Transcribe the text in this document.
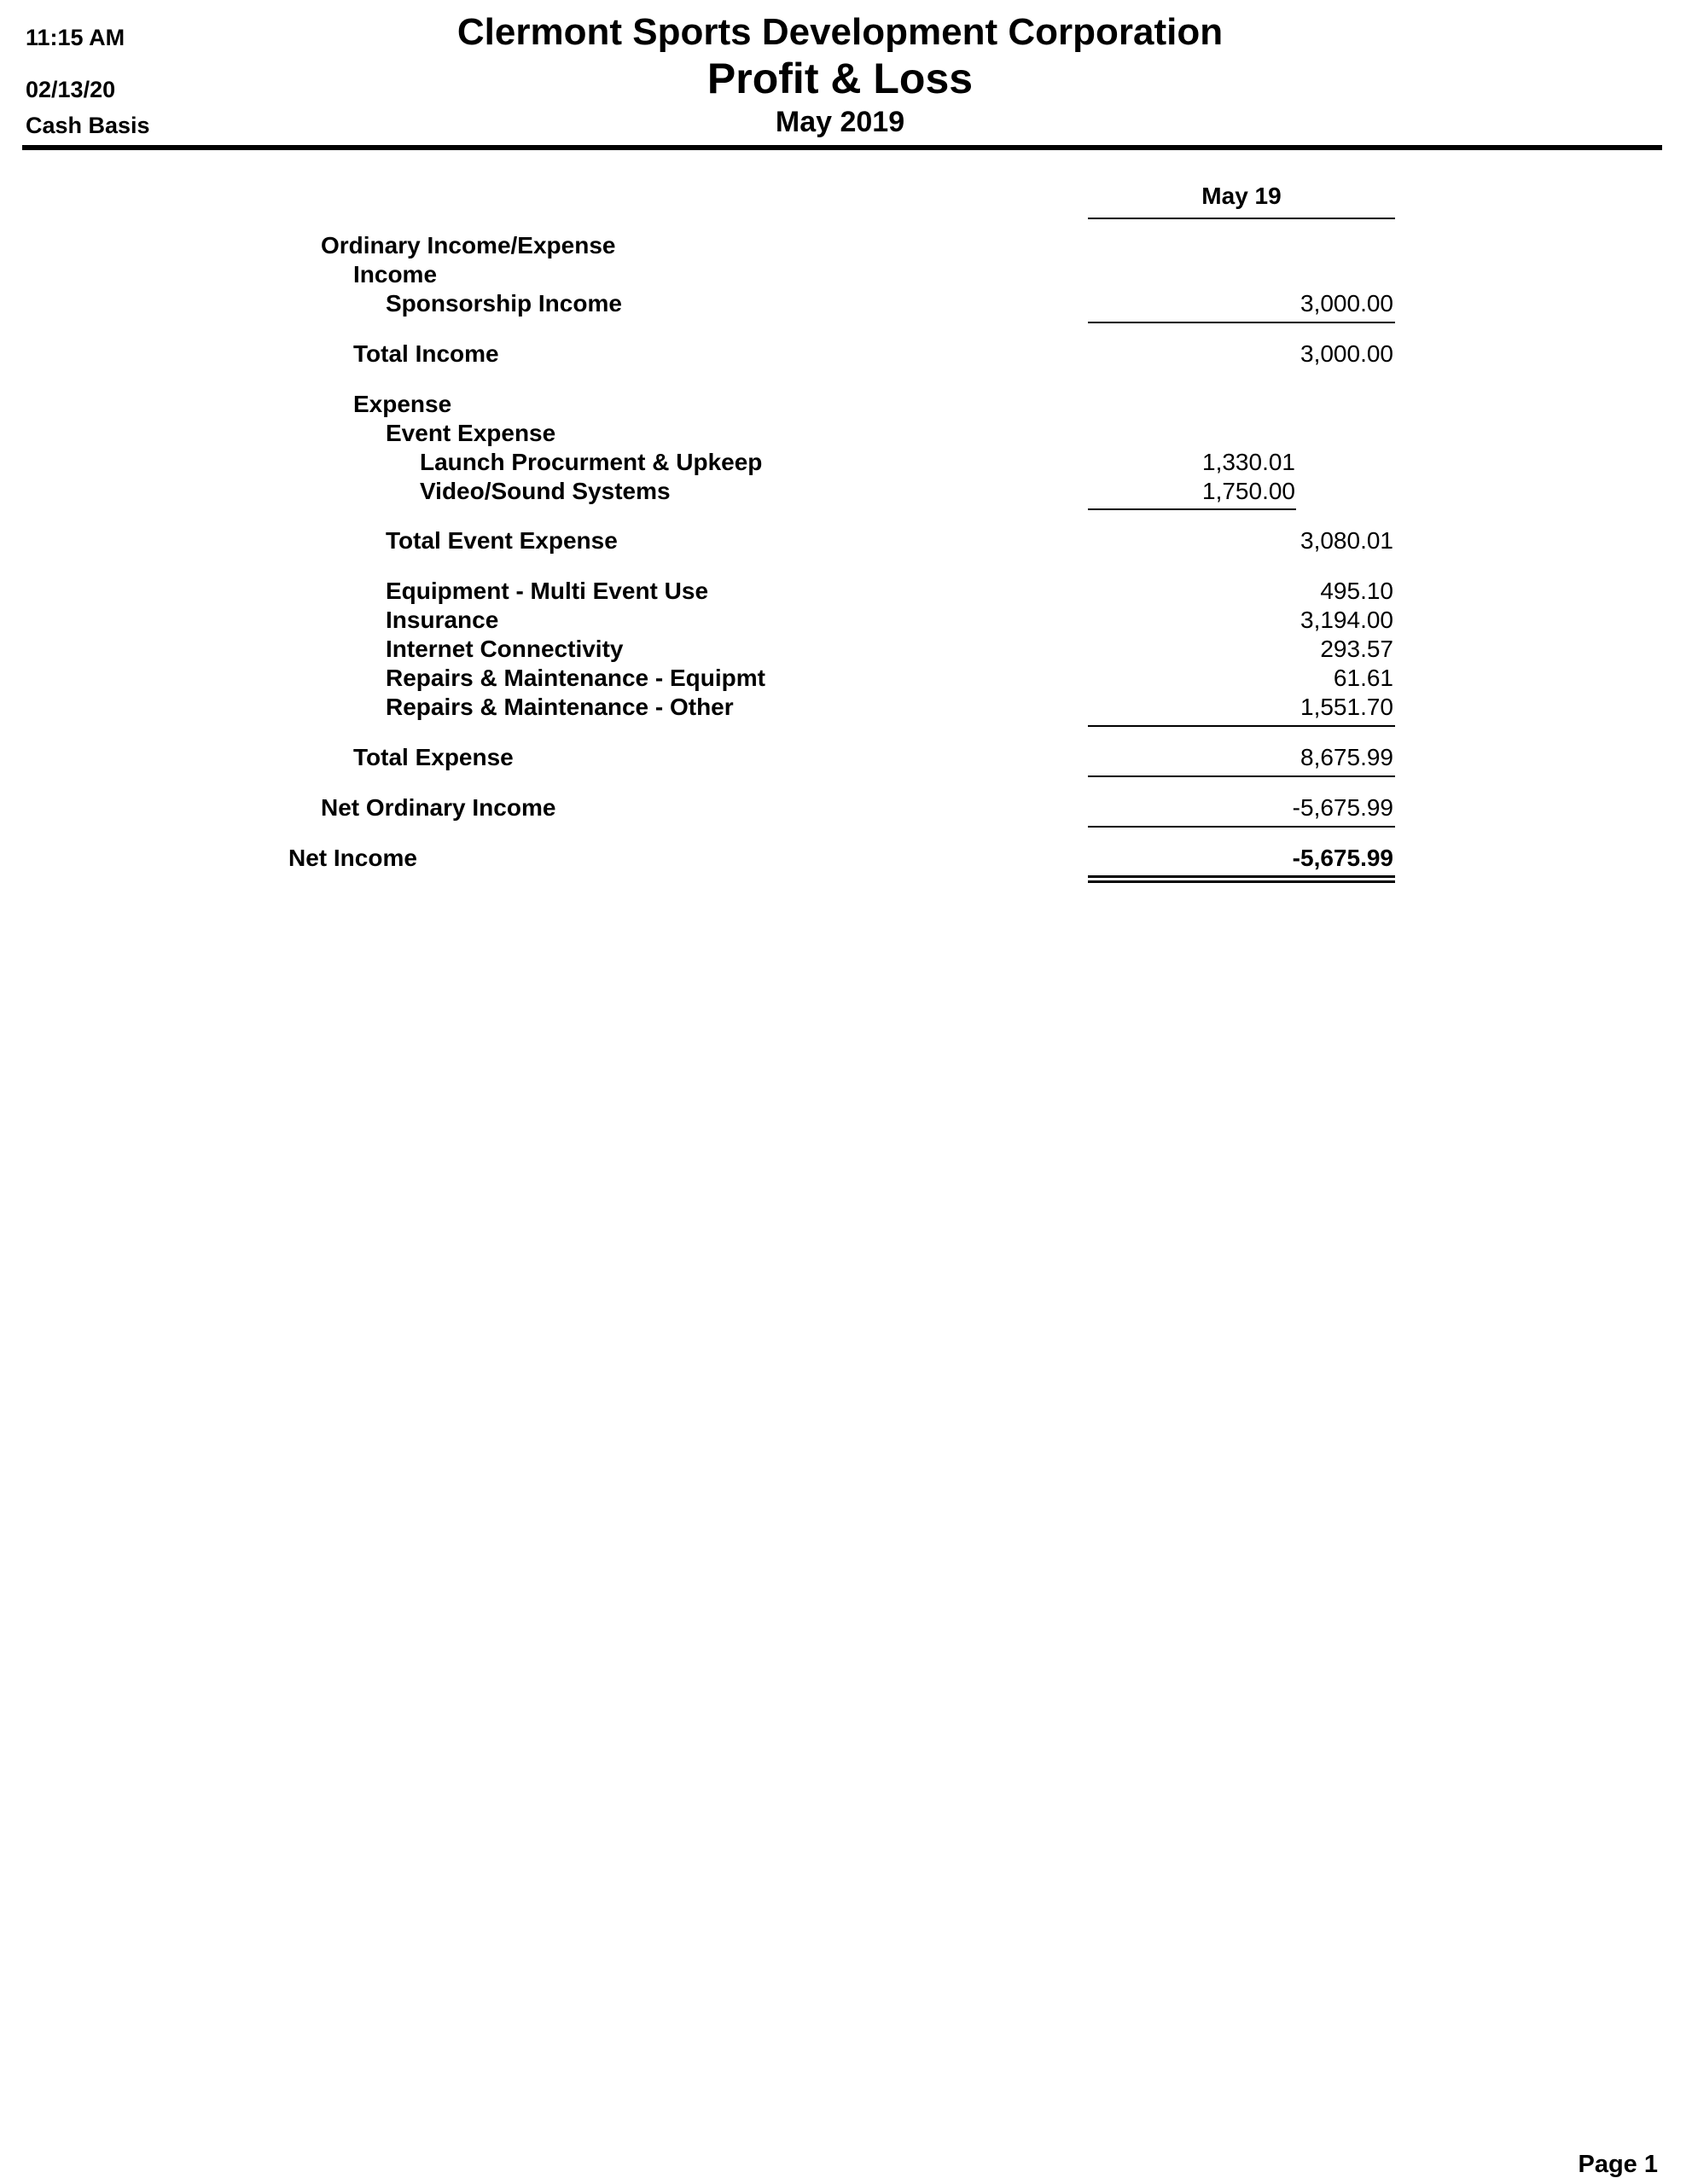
11:15 AM
02/13/20
Cash Basis
Clermont Sports Development Corporation
Profit & Loss
May 2019
May 19
Ordinary Income/Expense
Income
Sponsorship Income	3,000.00
Total Income	3,000.00
Expense
Event Expense
Launch Procurment & Upkeep	1,330.01
Video/Sound Systems	1,750.00
Total Event Expense	3,080.01
Equipment - Multi Event Use	495.10
Insurance	3,194.00
Internet Connectivity	293.57
Repairs & Maintenance - Equipmt	61.61
Repairs & Maintenance - Other	1,551.70
Total Expense	8,675.99
Net Ordinary Income	-5,675.99
Net Income	-5,675.99
Page 1
